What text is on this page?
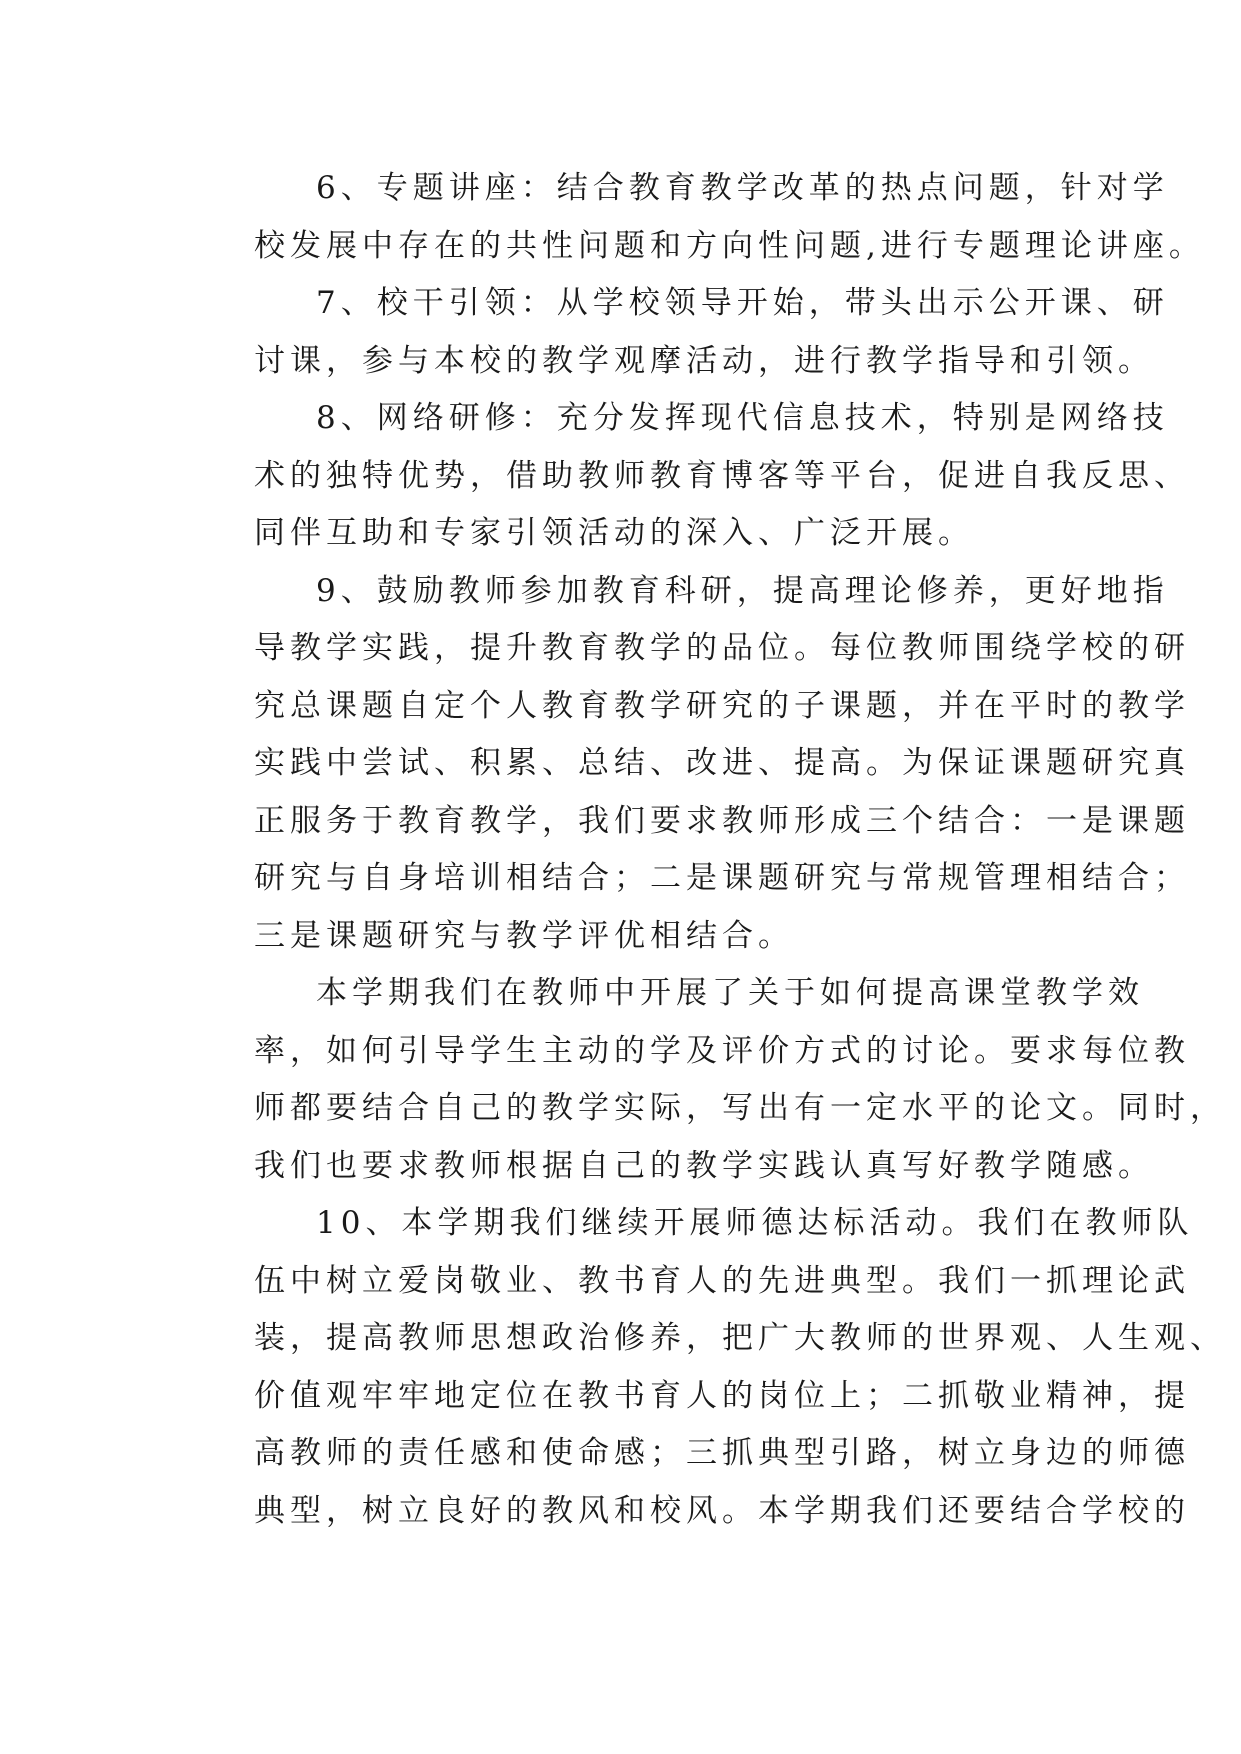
6、专题讲座：结合教育教学改革的热点问题，针对学
校发展中存在的共性问题和方向性问题,进行专题理论讲座。

7、校干引领：从学校领导开始，带头出示公开课、研
讨课，参与本校的教学观摩活动，进行教学指导和引领。

8、网络研修：充分发挥现代信息技术，特别是网络技
术的独特优势，借助教师教育博客等平台，促进自我反思、
同伴互助和专家引领活动的深入、广泛开展。

9、鼓励教师参加教育科研，提高理论修养，更好地指
导教学实践，提升教育教学的品位。每位教师围绕学校的研
究总课题自定个人教育教学研究的子课题，并在平时的教学
实践中尝试、积累、总结、改进、提高。为保证课题研究真
正服务于教育教学，我们要求教师形成三个结合：一是课题
研究与自身培训相结合；二是课题研究与常规管理相结合；
三是课题研究与教学评优相结合。

本学期我们在教师中开展了关于如何提高课堂教学效
率，如何引导学生主动的学及评价方式的讨论。要求每位教
师都要结合自己的教学实际，写出有一定水平的论文。同时，
我们也要求教师根据自己的教学实践认真写好教学随感。

10、本学期我们继续开展师德达标活动。我们在教师队
伍中树立爱岗敬业、教书育人的先进典型。我们一抓理论武
装，提高教师思想政治修养，把广大教师的世界观、人生观、
价值观牢牢地定位在教书育人的岗位上；二抓敬业精神，提
高教师的责任感和使命感；三抓典型引路，树立身边的师德
典型，树立良好的教风和校风。本学期我们还要结合学校的
